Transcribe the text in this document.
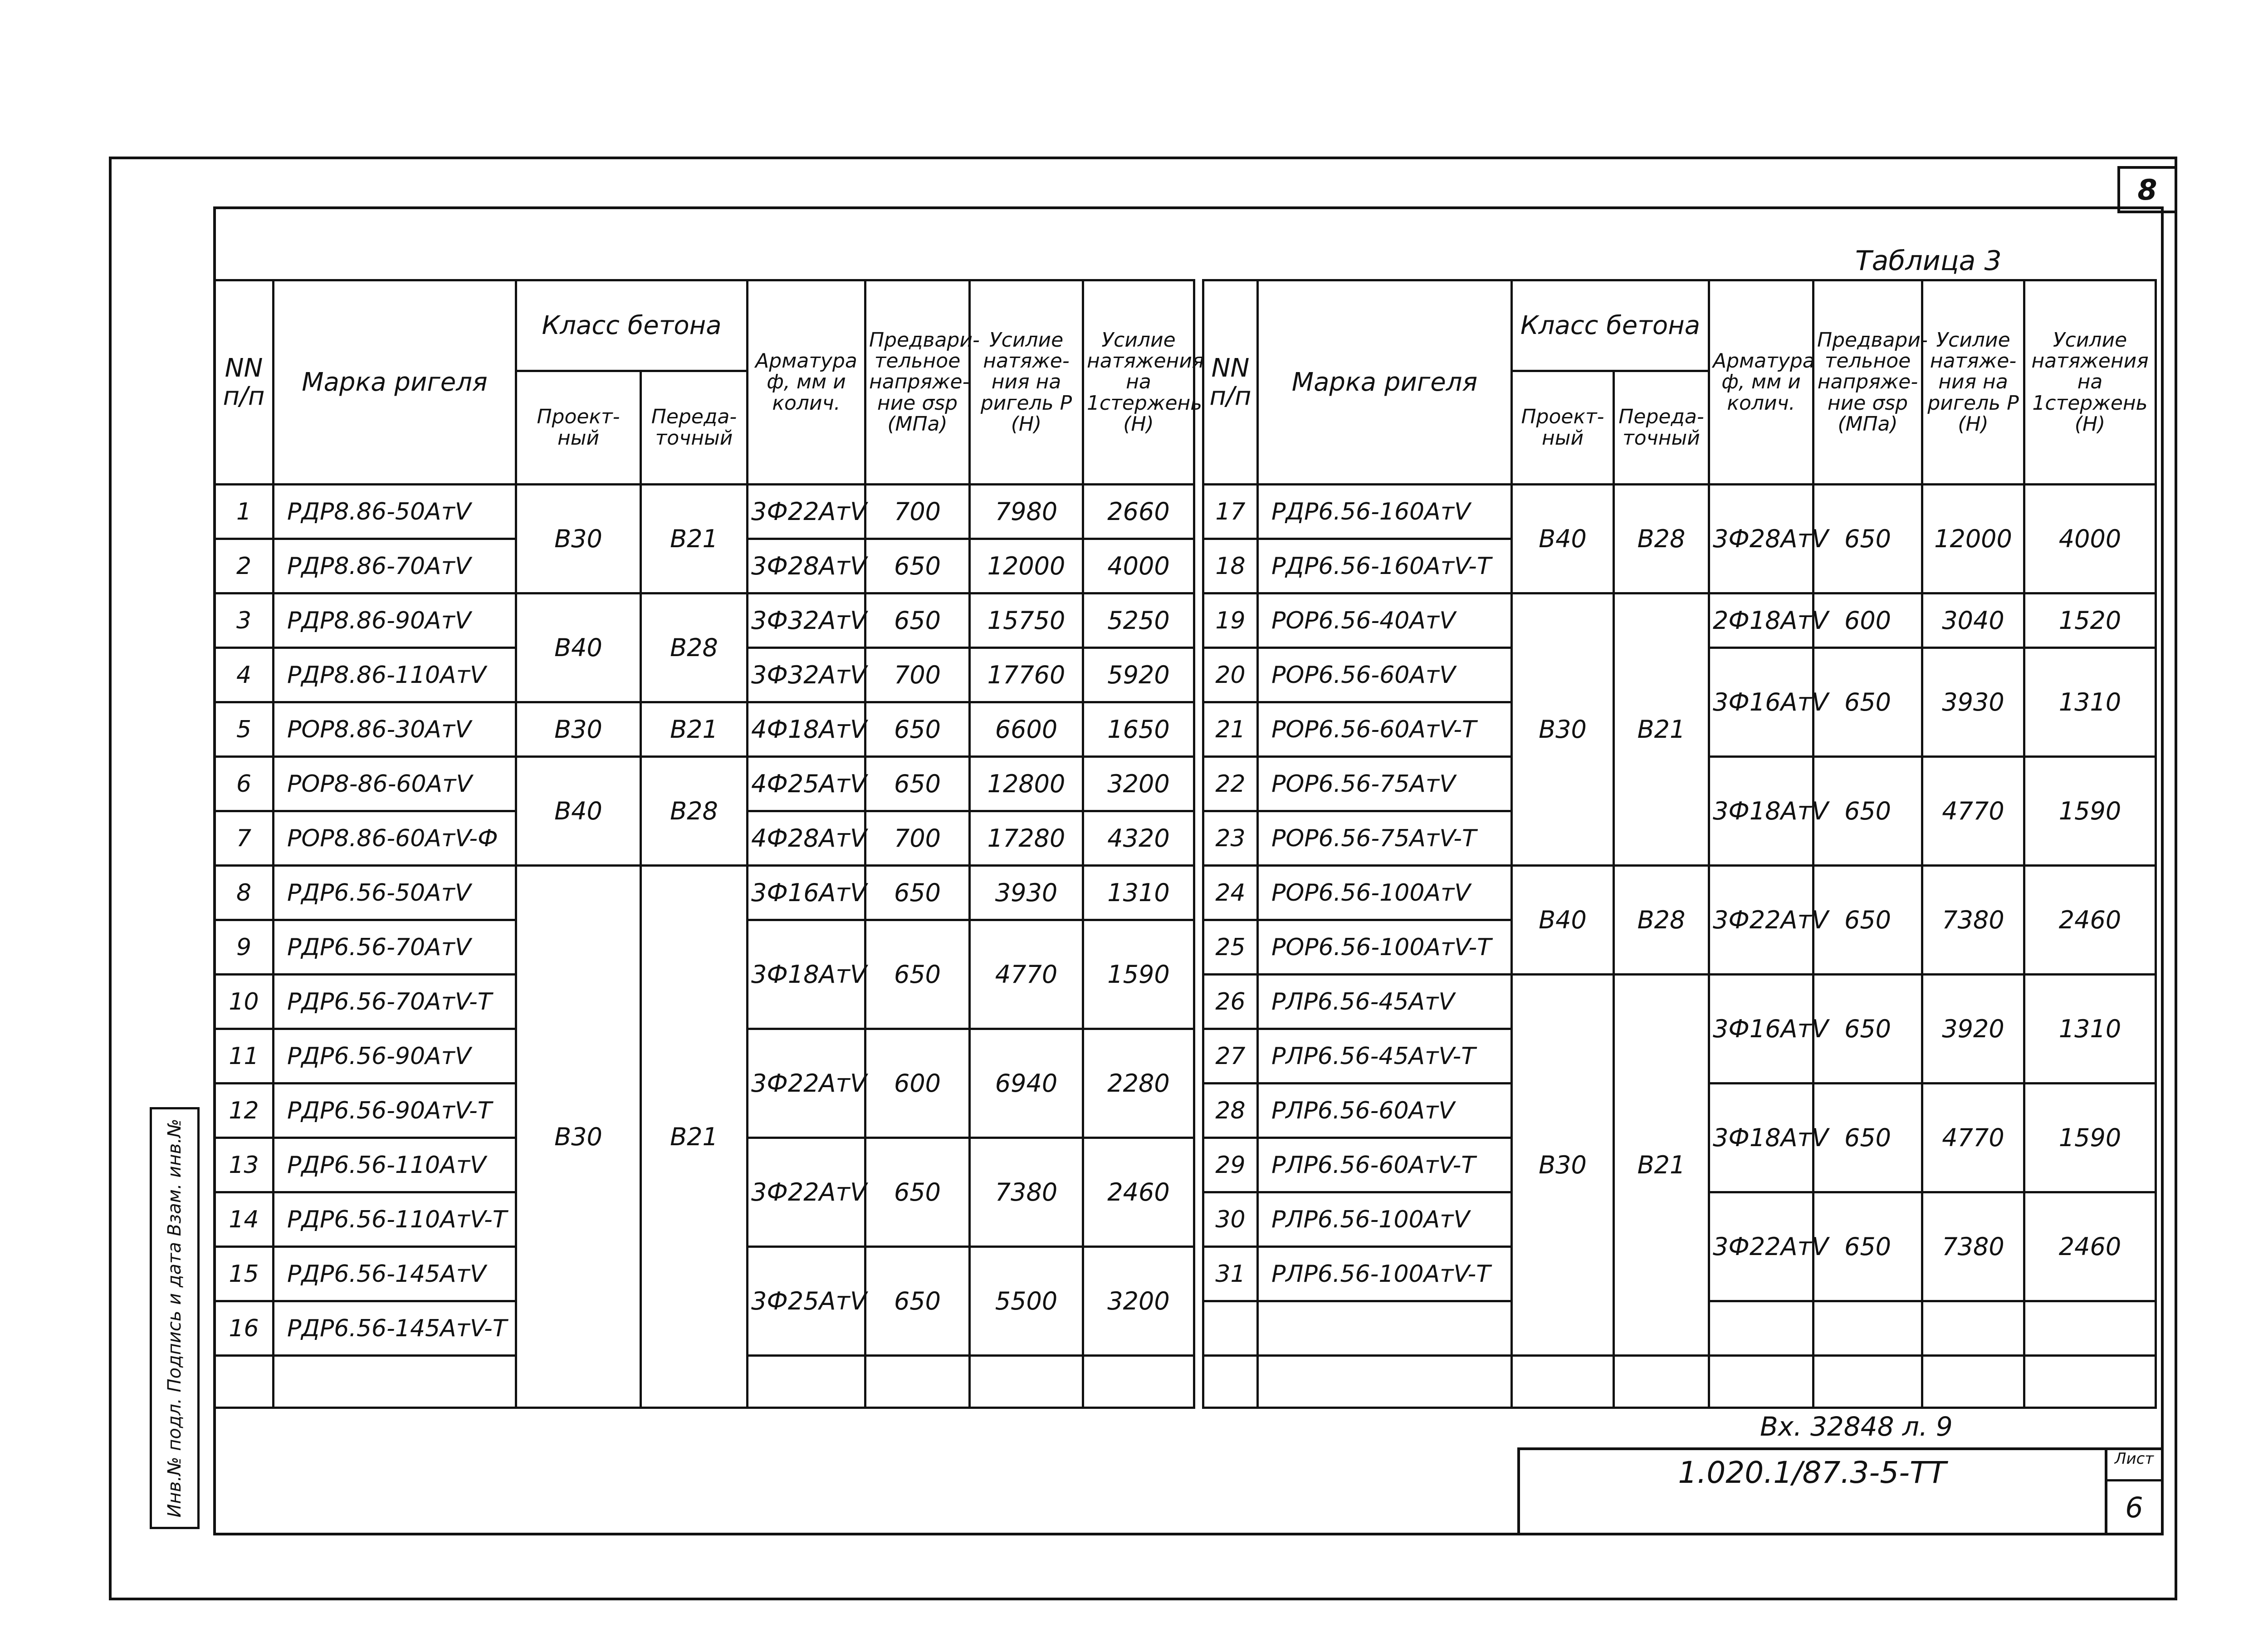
8
Таблица 3
NN п/п	Марка ригеля	Класс бетона		Арматура ф, мм и колич.	Предвари-тельное напряже-ние σsp (МПа)	Усилие натяже-ния на ригель P (Н)	Усилие натяжения на 1стержень (Н)	
		Проект-ный	Переда-точный					
1	РДР8.86-50АтV	В30	В21	3Ф22АтV	700	7980	2660	
2	РДР8.86-70АтV			3Ф28АтV	650	12000	4000	
3	РДР8.86-90АтV	В40	В28	3Ф32АтV	650	15750	5250	
4	РДР8.86-110АтV			3Ф32АтV	700	17760	5920	
5	РОР8.86-30АтV	В30	В21	4Ф18АтV	650	6600	1650	
6	РОР8-86-60АтV	В40	В28	4Ф25АтV	650	12800	3200	
7	РОР8.86-60АтV-Ф			4Ф28АтV	700	17280	4320	
8	РДР6.56-50АтV	В30	В21	3Ф16АтV	650	3930	1310	
9	РДР6.56-70АтV			3Ф18АтV	650	4770	1590	
10	РДР6.56-70АтV-Т							
11	РДР6.56-90АтV			3Ф22АтV	600	6940	2280	
12	РДР6.56-90АтV-Т							
13	РДР6.56-110АтV			3Ф22АтV	650	7380	2460	
14	РДР6.56-110АтV-Т							
15	РДР6.56-145АтV			3Ф25АтV	650	5500	3200	
16	РДР6.56-145АтV-Т							

NN п/п	Марка ригеля	Класс бетона		Арматура ф, мм и колич.	Предвари-тельное напряже-ние σsp (МПа)	Усилие натяже-ния на ригель P (Н)	Усилие натяжения на 1стержень (Н)
		Проект-ный	Переда-точный				
17	РДР6.56-160АтV	В40	В28	3Ф28АтV	650	12000	4000
18	РДР6.56-160АтV-Т						
19	РОР6.56-40АтV	В30	В21	2Ф18АтV	600	3040	1520
20	РОР6.56-60АтV			3Ф16АтV	650	3930	1310
21	РОР6.56-60АтV-Т						
22	РОР6.56-75АтV			3Ф18АтV	650	4770	1590
23	РОР6.56-75АтV-Т						
24	РОР6.56-100АтV	В40	В28	3Ф22АтV	650	7380	2460
25	РОР6.56-100АтV-Т						
26	РЛР6.56-45АтV	В30	В21	3Ф16АтV	650	3920	1310
27	РЛР6.56-45АтV-Т						
28	РЛР6.56-60АтV			3Ф18АтV	650	4770	1590
29	РЛР6.56-60АтV-Т						
30	РЛР6.56-100АтV			3Ф22АтV	650	7380	2460
31	РЛР6.56-100АтV-Т						

Инв.№ подл. Подпись и дата Взам. инв.№	Вх. 32848 л. 9
1.020.1/87.3-5-ТТ	Лист
6
